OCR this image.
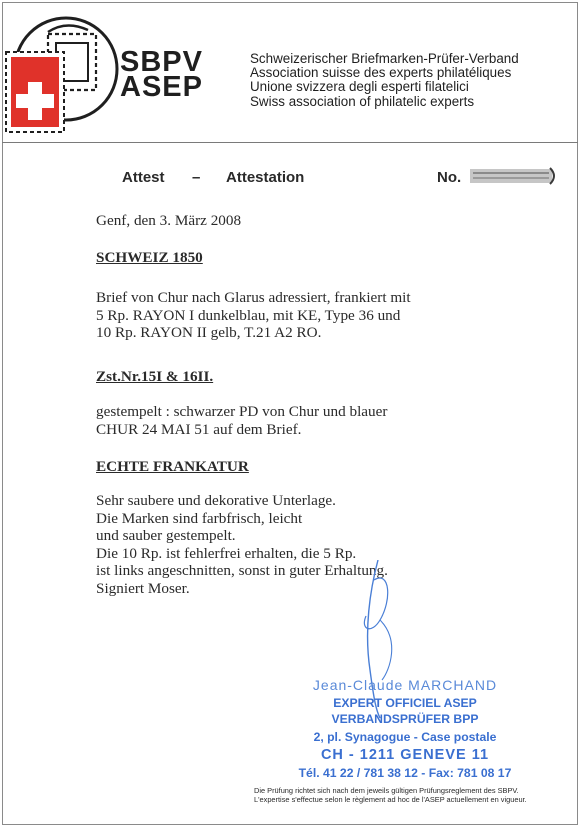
SBPV
ASEP
Schweizerischer Briefmarken-Prüfer-Verband
Association suisse des experts philatéliques
Unione svizzera degli esperti filatelici
Swiss association of philatelic experts
Attest – Attestation	No.
Genf, den 3. März 2008
SCHWEIZ 1850
Brief von Chur nach Glarus adressiert, frankiert mit
5 Rp. RAYON I dunkelblau, mit KE, Type 36 und
10 Rp. RAYON II gelb, T.21 A2 RO.
Zst.Nr.15I & 16II.
gestempelt : schwarzer PD von Chur und blauer
CHUR 24 MAI 51 auf dem Brief.
ECHTE FRANKATUR
Sehr saubere und dekorative Unterlage.
Die Marken sind farbfrisch, leicht
und sauber gestempelt.
Die 10 Rp. ist fehlerfrei erhalten, die 5 Rp.
ist links angeschnitten, sonst in guter Erhaltung.
Signiert Moser.
Jean-Claude MARCHAND
EXPERT OFFICIEL ASEP
VERBANDSPRÜFER BPP
2, pl. Synagogue - Case postale
CH - 1211 GENEVE 11
Tél. 41 22 / 781 38 12 - Fax: 781 08 17
Die Prüfung richtet sich nach dem jeweils gültigen Prüfungsreglement des SBPV.
L'expertise s'effectue selon le règlement ad hoc de l'ASEP actuellement en vigueur.
